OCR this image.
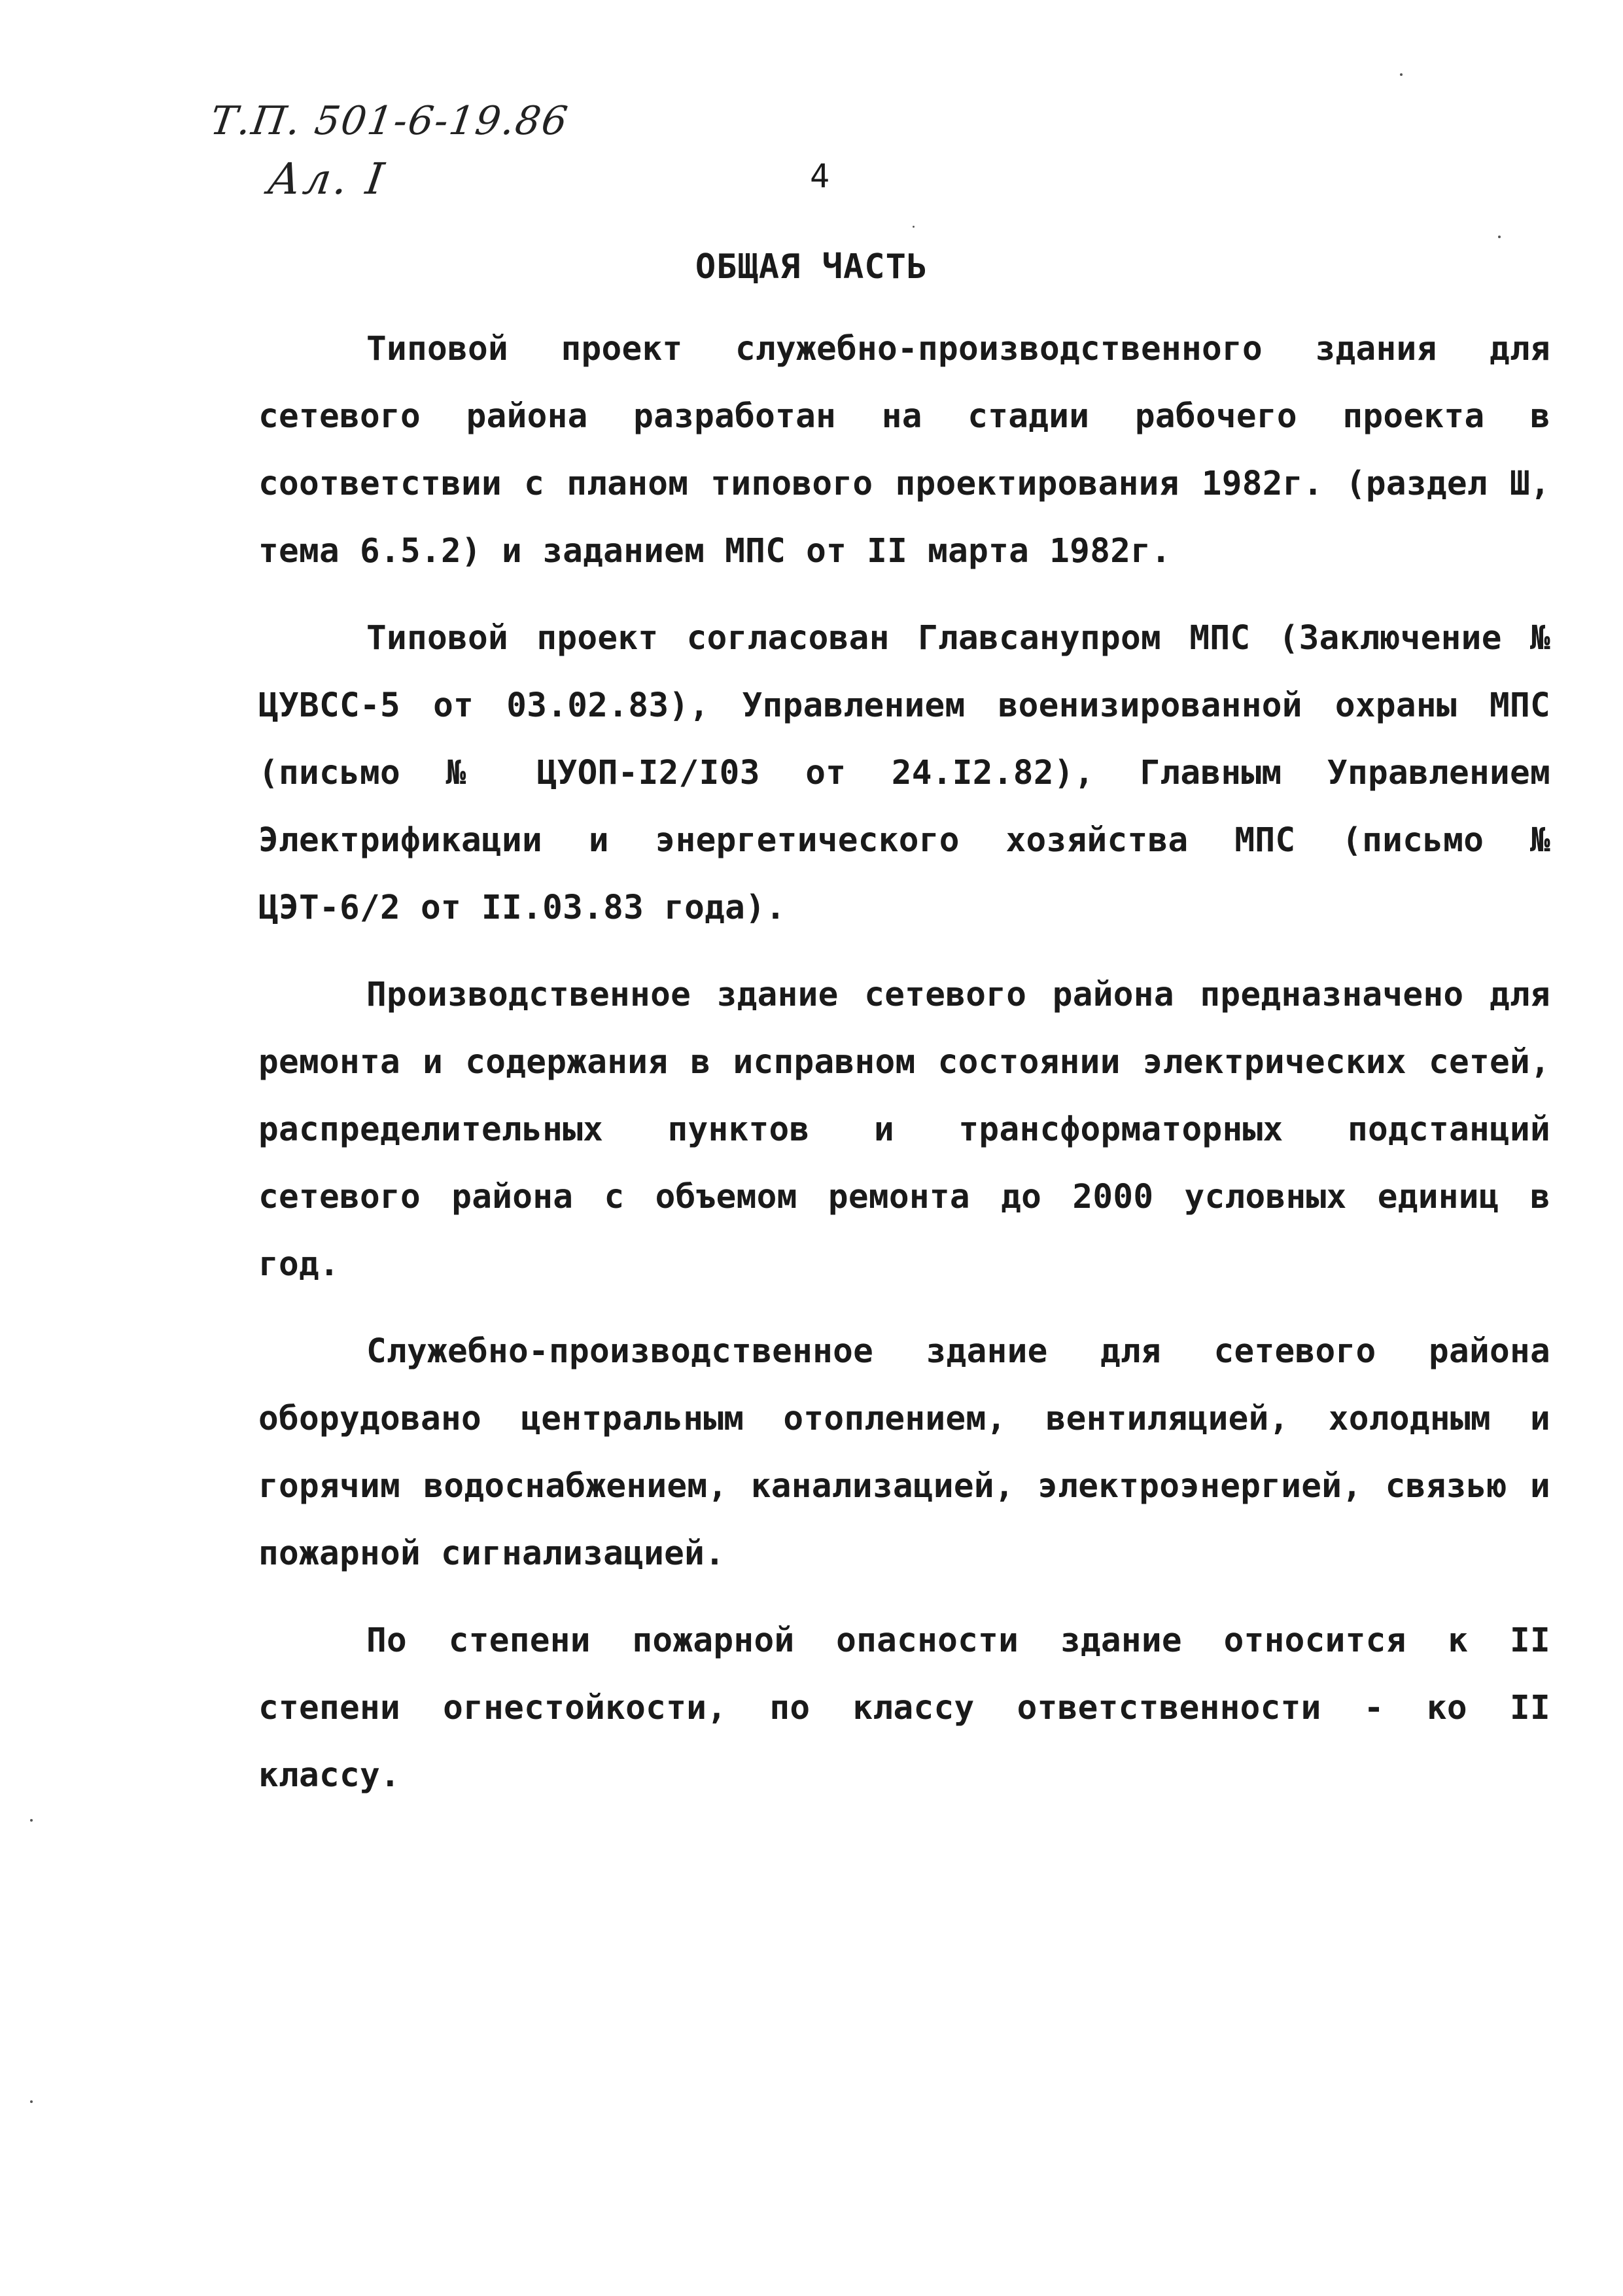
Т.П. 501-6-19.86
Ал. I	4
ОБЩАЯ ЧАСТЬ

Типовой проект служебно-производственного здания для сетевого района разработан на стадии рабочего проекта в соответствии с планом типового проектирования 1982г. (раздел Ш, тема 6.5.2) и заданием МПС от II марта 1982г.

Типовой проект согласован Главсанупром МПС (Заключение № ЦУВСС-5 от 03.02.83), Управлением военизированной охраны МПС (письмо № ЦУОП-I2/I03 от 24.I2.82), Главным Управлением Электрификации и энергетического хозяйства МПС (письмо № ЦЭТ-6/2 от II.03.83 года).

Производственное здание сетевого района предназначено для ремонта и содержания в исправном состоянии электрических сетей, распределительных пунктов и трансформаторных подстанций сетевого района с объемом ремонта до 2000 условных единиц в год.

Служебно-производственное здание для сетевого района оборудовано центральным отоплением, вентиляцией, холодным и горячим водоснабжением, канализацией, электроэнергией, связью и пожарной сигнализацией.

По степени пожарной опасности здание относится к II степени огнестойкости, по классу ответственности - ко II классу.
